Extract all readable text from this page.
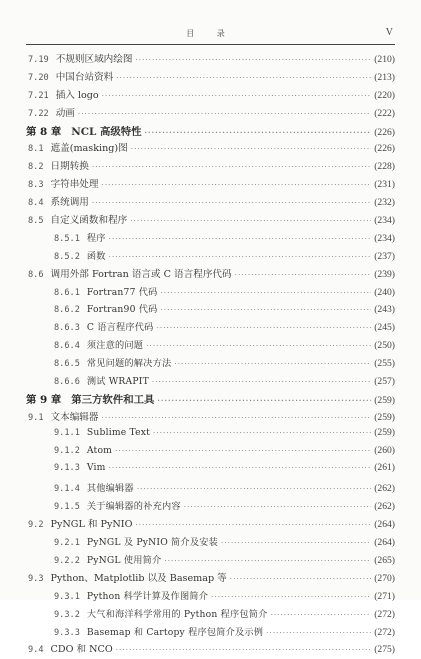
目 录	V
7.19 不规则区域内绘图 ·····	(210)
7.20 中国台站资料 ·····	(213)
7.21 插入 logo ·····	(220)
7.22 动画 ·····	(222)
第 8 章 NCL 高级特性 ·····	(226)
8.1 遮盖(masking)图 ·····	(226)
8.2 日期转换 ·····	(228)
8.3 字符串处理 ·····	(231)
8.4 系统调用 ·····	(232)
8.5 自定义函数和程序 ·····	(234)
8.5.1 程序 ·····	(234)
8.5.2 函数 ·····	(237)
8.6 调用外部 Fortran 语言或 C 语言程序代码 ·····	(239)
8.6.1 Fortran77 代码 ·····	(240)
8.6.2 Fortran90 代码 ·····	(243)
8.6.3 C 语言程序代码 ·····	(245)
8.6.4 须注意的问题 ·····	(250)
8.6.5 常见问题的解决方法 ·····	(255)
8.6.6 测试 WRAPIT ·····	(257)
第 9 章 第三方软件和工具 ·····	(259)
9.1 文本编辑器 ·····	(259)
9.1.1 Sublime Text ·····	(259)
9.1.2 Atom ·····	(260)
9.1.3 Vim ·····	(261)
9.1.4 其他编辑器 ·····	(262)
9.1.5 关于编辑器的补充内容 ·····	(262)
9.2 PyNGL 和 PyNIO ·····	(264)
9.2.1 PyNGL 及 PyNIO 简介及安装 ·····	(264)
9.2.2 PyNGL 使用简介 ·····	(265)
9.3 Python、Matplotlib 以及 Basemap 等 ·····	(270)
9.3.1 Python 科学计算及作图简介 ·····	(271)
9.3.2 大气和海洋科学常用的 Python 程序包简介 ·····	(272)
9.3.3 Basemap 和 Cartopy 程序包简介及示例 ·····	(272)
9.4 CDO 和 NCO ·····	(275)
